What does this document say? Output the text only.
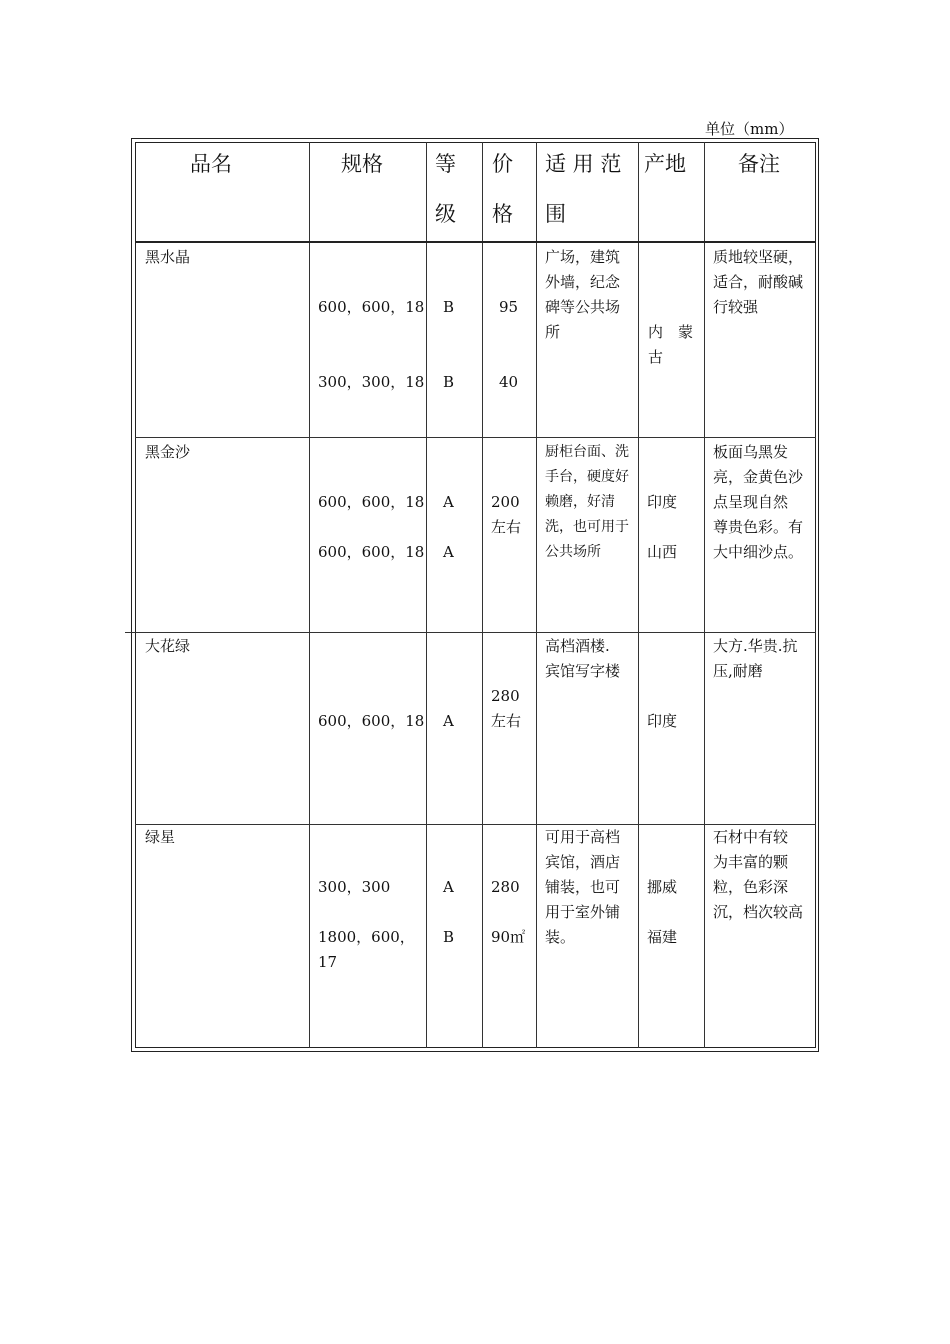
单位（mm）
品名	规格 等
级
价
格
适 用 范
围
产地 备注
黑水晶
600，600，18
300，300，18
B
B
95
40
广场，建筑
外墙，纪念
碑等公共场
所	内　蒙
古
质地较坚硬，
适合，耐酸碱
行较强
黑金沙
600，600，18
600，600，18
A
A
200
左右
厨柜台面、洗
手台，硬度好
赖磨，好清
洗，也可用于
公共场所
印度
山西
板面乌黑发
亮，金黄色沙
点呈现自然
尊贵色彩。有
大中细沙点。
大花绿
600，600，18 A
280
左右
高档酒楼.
宾馆写字楼
印度
大方.华贵.抗
压,耐磨
绿星
300，300
1800，600，
17
A
B
280
90㎡
可用于高档
宾馆，酒店
铺装，也可
用于室外铺
装。
挪威
福建
石材中有较
为丰富的颗
粒，色彩深
沉，档次较高
